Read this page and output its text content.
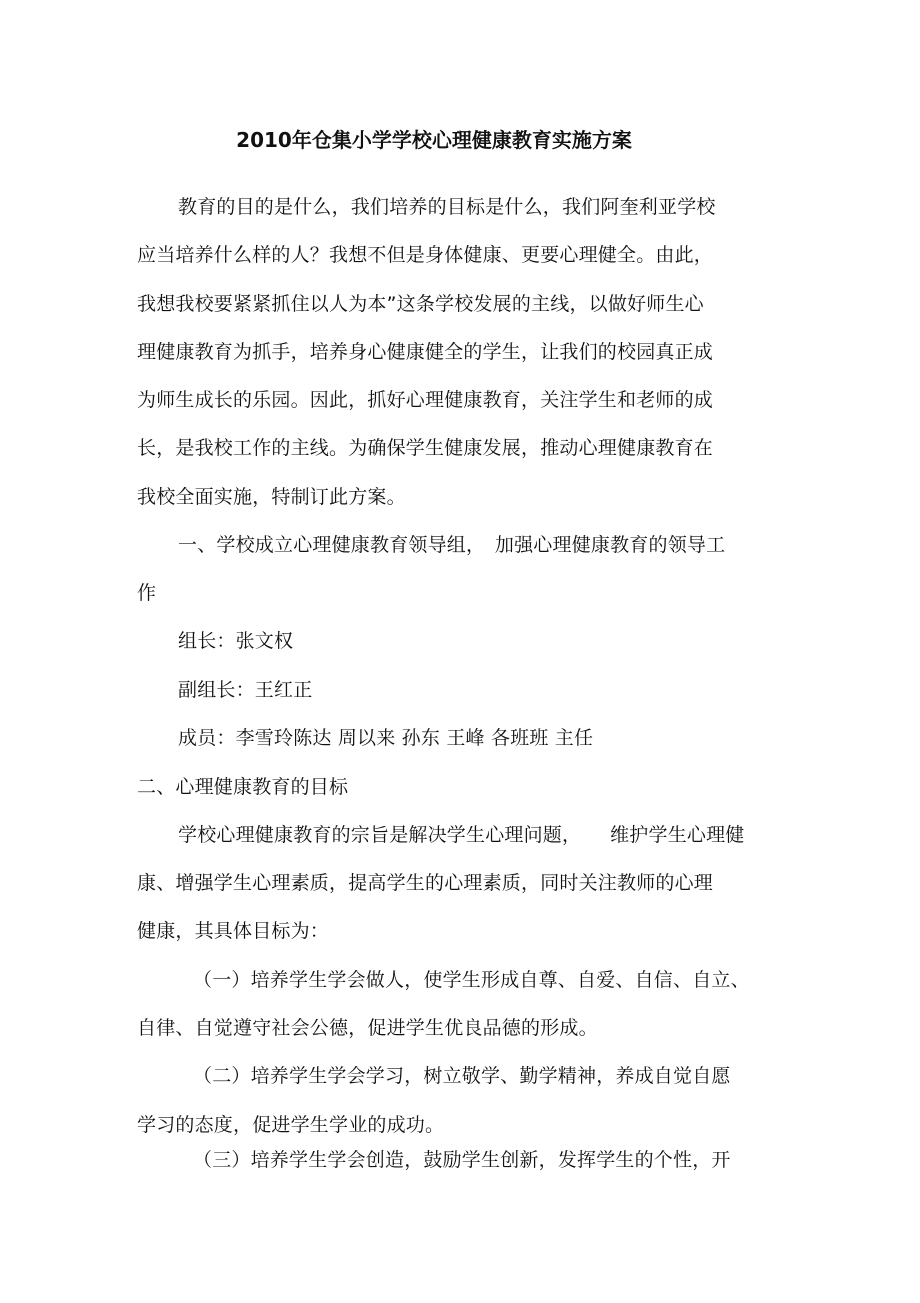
2010年仓集小学学校心理健康教育实施方案
教育的目的是什么，我们培养的目标是什么，我们阿奎利亚学校
应当培养什么样的人？我想不但是身体健康、更要心理健全。由此，
我想我校要紧紧抓住以人为本”这条学校发展的主线，以做好师生心
理健康教育为抓手，培养身心健康健全的学生，让我们的校园真正成
为师生成长的乐园。因此，抓好心理健康教育，关注学生和老师的成
长，是我校工作的主线。为确保学生健康发展，推动心理健康教育在
我校全面实施，特制订此方案。
一、学校成立心理健康教育领导组，　加强心理健康教育的领导工
作
组长：张文权
副组长：王红正
成员：李雪玲陈达 周以来 孙东 王峰 各班班 主任
二、心理健康教育的目标
学校心理健康教育的宗旨是解决学生心理问题，　　维护学生心理健
康、增强学生心理素质，提高学生的心理素质，同时关注教师的心理
健康，其具体目标为：
（一）培养学生学会做人，使学生形成自尊、自爱、自信、自立、
自律、自觉遵守社会公德，促进学生优良品德的形成。
（二）培养学生学会学习，树立敬学、勤学精神，养成自觉自愿
学习的态度，促进学生学业的成功。
（三）培养学生学会创造，鼓励学生创新，发挥学生的个性，开
